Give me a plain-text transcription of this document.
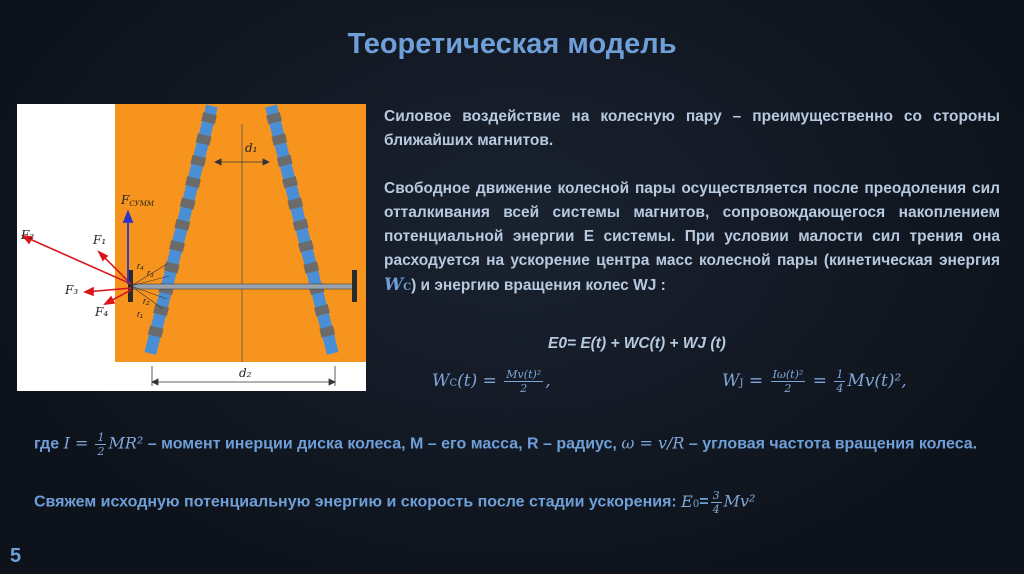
Теоретическая модель
d₁
d₂
r₄
r₃
r₂
r₁
F₂	F₁
F₃
F₄
FСУММ

Силовое воздействие на колесную пару – преимущественно со стороны ближайших магнитов.

Свободное движение колесной пары осуществляется после преодоления сил отталкивания всей системы магнитов, сопровождающегося накоплением потенциальной энергии E системы. При условии малости сил трения она расходуется на ускорение центра масс колесной пары (кинетическая энергия WC) и энергию вращения колес WJ :

E0= E(t) + WC(t) + WJ (t)
$WC(t) = \frac{\text{Mv(t)²}}{2}$ ,	WJ = $\frac{\text{Iω(t)²}}{2} = \frac{1}{4} Mv(t)^2$,

где $I = \frac{1}{2} MR^2$ – момент инерции диска колеса, M – его масса, R – радиус, ω = v/R – угловая частота вращения колеса.

Свяжем исходную потенциальную энергию и скорость после стадии ускорения: $E0= \frac{3}{4} Mv^2$

5
